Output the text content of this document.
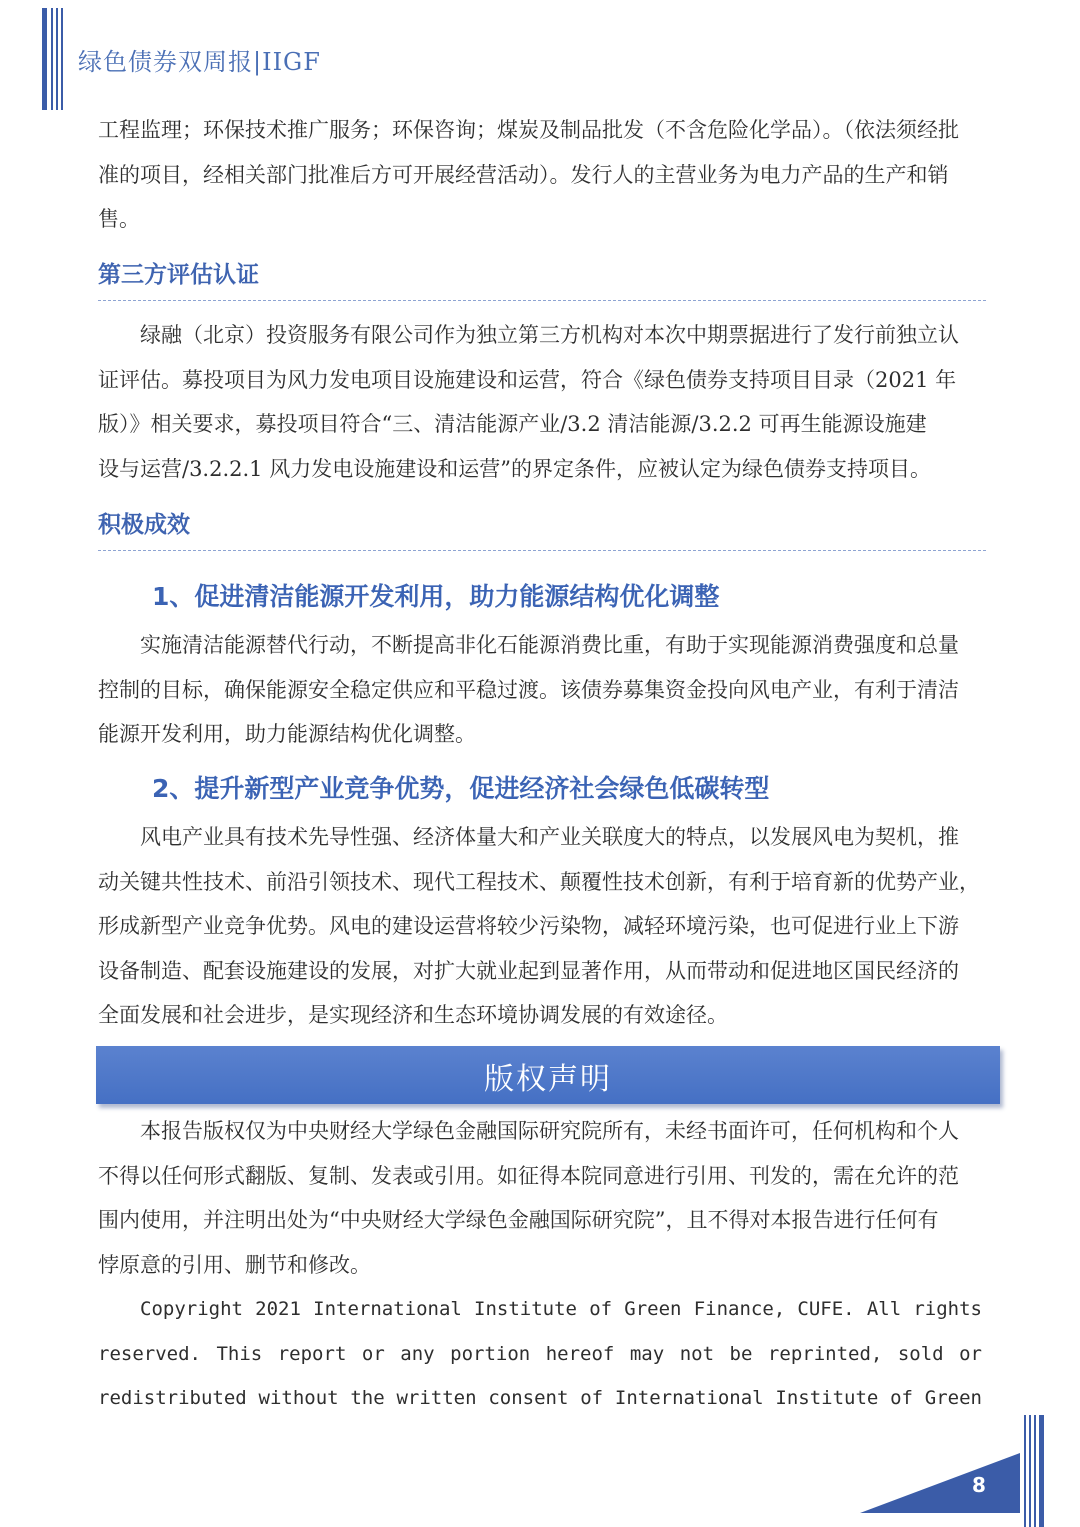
绿色债券双周报|IIGF
工程监理；环保技术推广服务；环保咨询；煤炭及制品批发（不含危险化学品）。（依法须经批
准的项目，经相关部门批准后方可开展经营活动）。发行人的主营业务为电力产品的生产和销
售。
第三方评估认证
绿融（北京）投资服务有限公司作为独立第三方机构对本次中期票据进行了发行前独立认
证评估。募投项目为风力发电项目设施建设和运营，符合《绿色债券支持项目目录（2021 年
版）》相关要求，募投项目符合“三、清洁能源产业/3.2 清洁能源/3.2.2 可再生能源设施建
设与运营/3.2.2.1 风力发电设施建设和运营”的界定条件，应被认定为绿色债券支持项目。
积极成效
1、促进清洁能源开发利用，助力能源结构优化调整
实施清洁能源替代行动，不断提高非化石能源消费比重，有助于实现能源消费强度和总量
控制的目标，确保能源安全稳定供应和平稳过渡。该债券募集资金投向风电产业，有利于清洁
能源开发利用，助力能源结构优化调整。
2、提升新型产业竞争优势，促进经济社会绿色低碳转型
风电产业具有技术先导性强、经济体量大和产业关联度大的特点，以发展风电为契机，推
动关键共性技术、前沿引领技术、现代工程技术、颠覆性技术创新，有利于培育新的优势产业，
形成新型产业竞争优势。风电的建设运营将较少污染物，减轻环境污染，也可促进行业上下游
设备制造、配套设施建设的发展，对扩大就业起到显著作用，从而带动和促进地区国民经济的
全面发展和社会进步，是实现经济和生态环境协调发展的有效途径。
版权声明
本报告版权仅为中央财经大学绿色金融国际研究院所有，未经书面许可，任何机构和个人
不得以任何形式翻版、复制、发表或引用。如征得本院同意进行引用、刊发的，需在允许的范
围内使用，并注明出处为“中央财经大学绿色金融国际研究院”，且不得对本报告进行任何有
悖原意的引用、删节和修改。
Copyright 2021 International Institute of Green Finance, CUFE. All rights
reserved. This report or any portion hereof may not be reprinted, sold or
redistributed without the written consent of International Institute of Green
8
